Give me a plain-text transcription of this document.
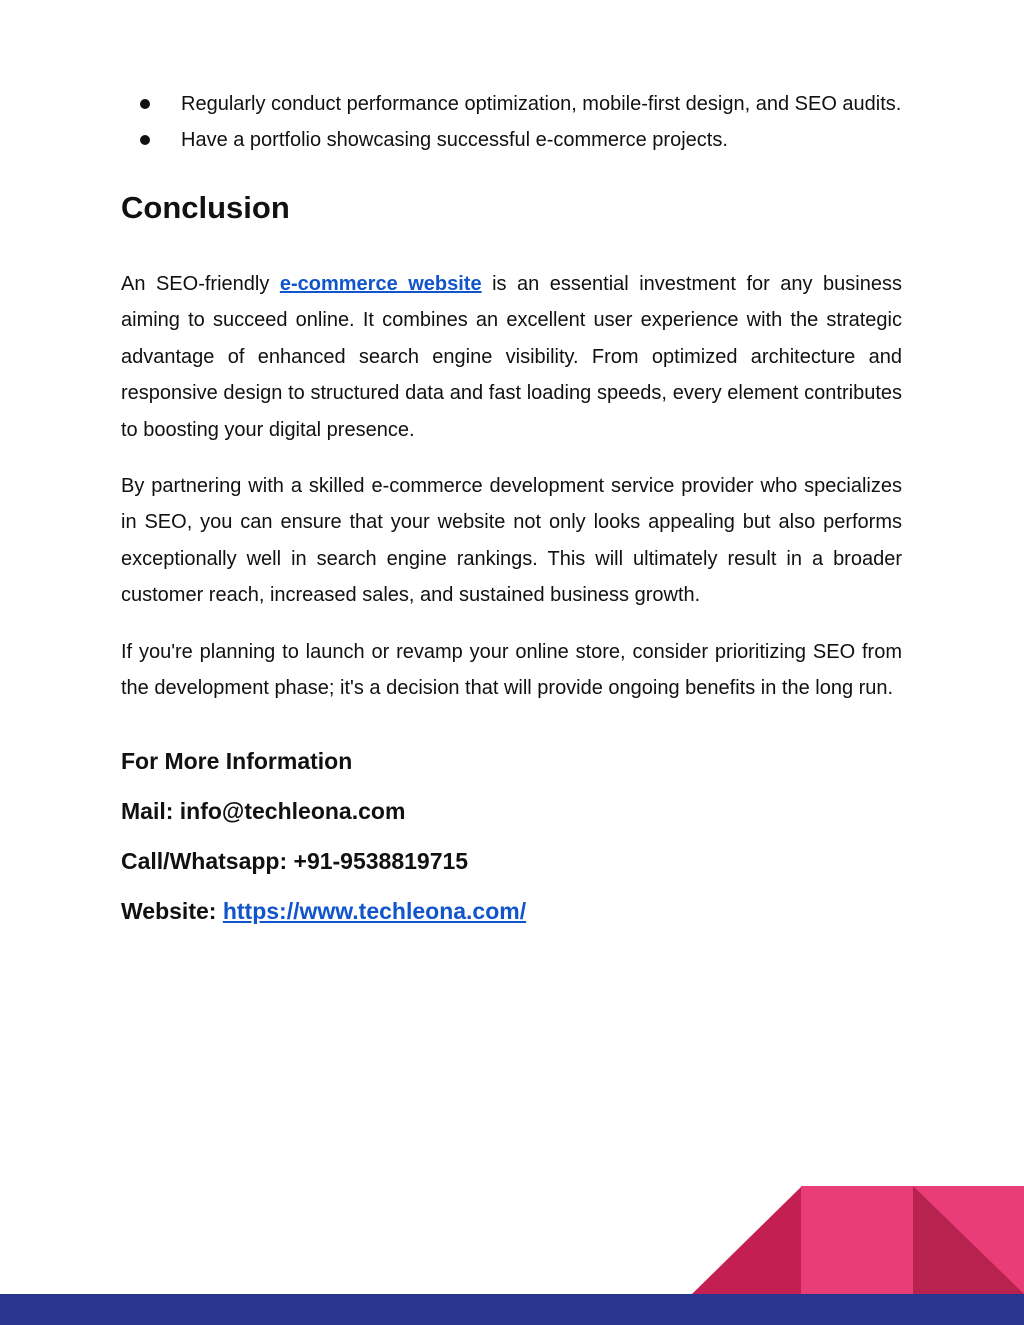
Regularly conduct performance optimization, mobile-first design, and SEO audits.
Have a portfolio showcasing successful e-commerce projects.
Conclusion

An SEO-friendly e-commerce website is an essential investment for any business aiming to succeed online. It combines an excellent user experience with the strategic advantage of enhanced search engine visibility. From optimized architecture and responsive design to structured data and fast loading speeds, every element contributes to boosting your digital presence.

By partnering with a skilled e-commerce development service provider who specializes in SEO, you can ensure that your website not only looks appealing but also performs exceptionally well in search engine rankings. This will ultimately result in a broader customer reach, increased sales, and sustained business growth.

If you're planning to launch or revamp your online store, consider prioritizing SEO from the development phase; it's a decision that will provide ongoing benefits in the long run.

For More Information
Mail: info@techleona.com
Call/Whatsapp: +91-9538819715
Website: https://www.techleona.com/
